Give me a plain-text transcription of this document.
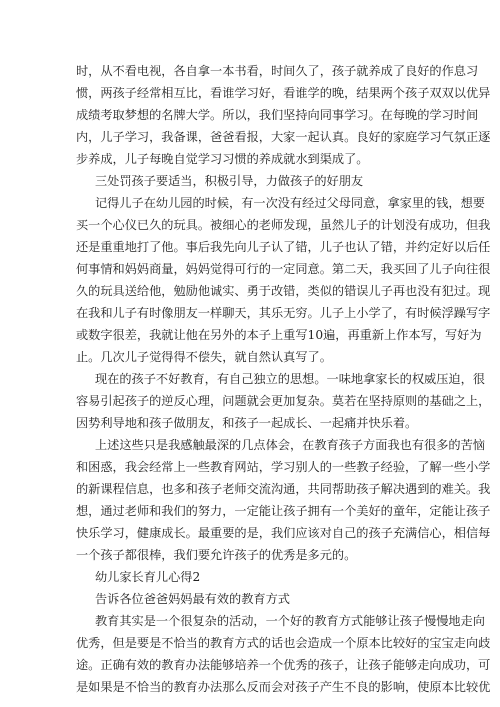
时，从不看电视，各自拿一本书看，时间久了，孩子就养成了良好的作息习
惯，两孩子经常相互比，看谁学习好，看谁学的晚，结果两个孩子双双以优异
成绩考取梦想的名牌大学。所以，我们坚持向同事学习。在每晚的学习时间
内，儿子学习，我备课，爸爸看报，大家一起认真。良好的家庭学习气氛正逐
步养成，儿子每晚自觉学习习惯的养成就水到渠成了。
三处罚孩子要适当，积极引导，力做孩子的好朋友
记得儿子在幼儿园的时候，有一次没有经过父母同意，拿家里的钱，想要
买一个心仪已久的玩具。被细心的老师发现，虽然儿子的计划没有成功，但我
还是重重地打了他。事后我先向儿子认了错，儿子也认了错，并约定好以后任
何事情和妈妈商量，妈妈觉得可行的一定同意。第二天，我买回了儿子向往很
久的玩具送给他，勉励他诚实、勇于改错，类似的错误儿子再也没有犯过。现
在我和儿子有时像朋友一样聊天，其乐无穷。儿子上小学了，有时候浮躁写字
或数字很差，我就让他在另外的本子上重写10遍，再重新上作本写，写好为
止。几次儿子觉得得不偿失，就自然认真写了。
现在的孩子不好教育，有自己独立的思想。一味地拿家长的权威压迫，很
容易引起孩子的逆反心理，问题就会更加复杂。莫若在坚持原则的基础之上，
因势利导地和孩子做朋友，和孩子一起成长、一起痛并快乐着。
上述这些只是我感触最深的几点体会，在教育孩子方面我也有很多的苦恼
和困惑，我会经常上一些教育网站，学习别人的一些教子经验，了解一些小学
的新课程信息，也多和孩子老师交流沟通，共同帮助孩子解决遇到的难关。我
想，通过老师和我们的努力，一定能让孩子拥有一个美好的童年，定能让孩子
快乐学习，健康成长。最重要的是，我们应该对自己的孩子充满信心，相信每
一个孩子都很棒，我们要允许孩子的优秀是多元的。
幼儿家长育儿心得2
告诉各位爸爸妈妈最有效的教育方式
教育其实是一个很复杂的活动，一个好的教育方式能够让孩子慢慢地走向
优秀，但是要是不恰当的教育方式的话也会造成一个原本比较好的宝宝走向歧
途。正确有效的教育办法能够培养一个优秀的孩子，让孩子能够走向成功，可
是如果是不恰当的教育办法那么反而会对孩子产生不良的影响，使原本比较优
